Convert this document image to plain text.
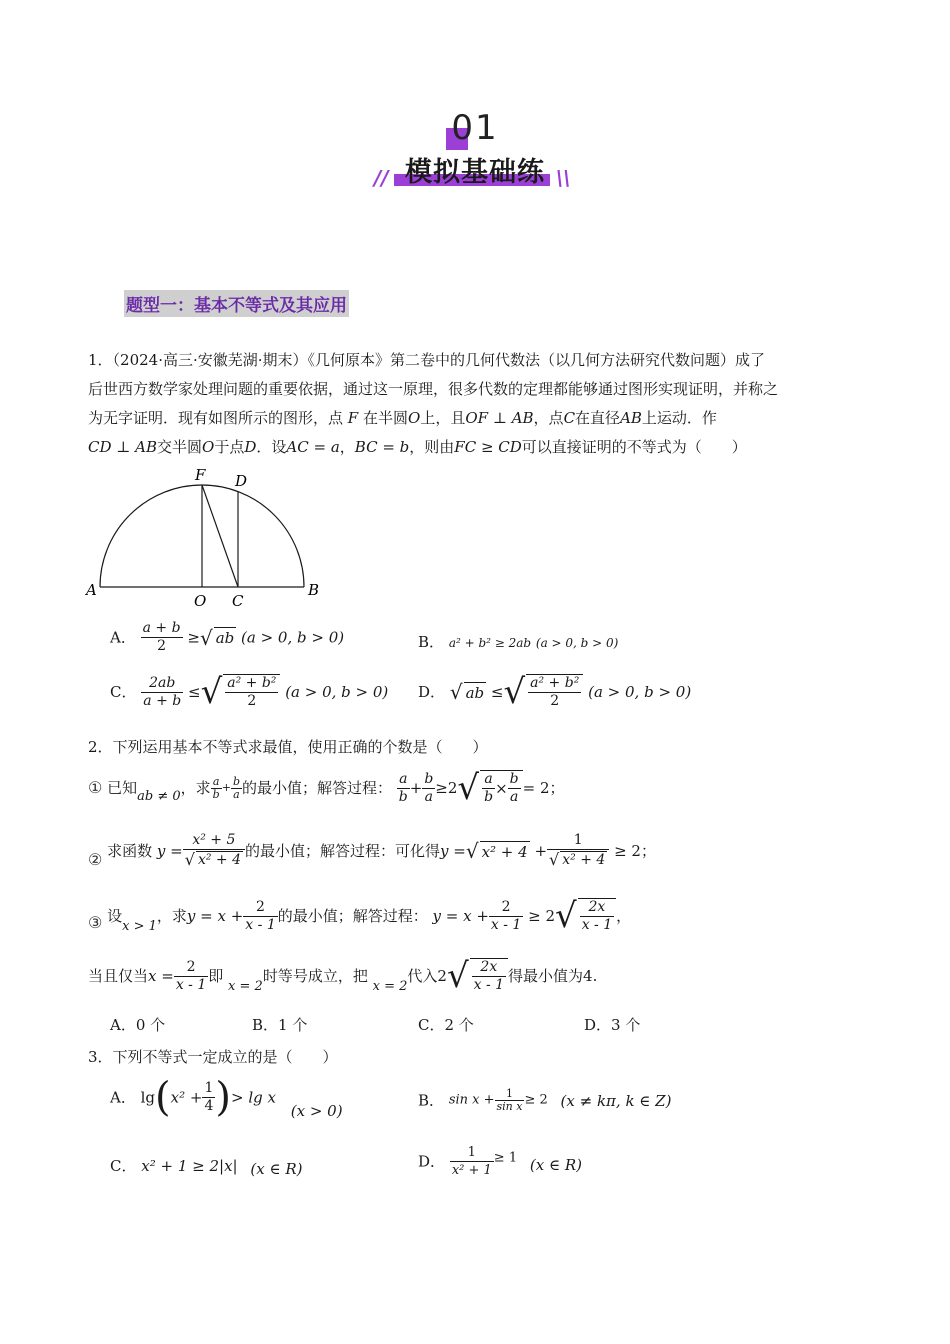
01
模拟基础练
//	\\
题型一：基本不等式及其应用
1．（2024·高三·安徽芜湖·期末）《几何原本》第二卷中的几何代数法（以几何方法研究代数问题）成了
后世西方数学家处理问题的重要依据，通过这一原理，很多代数的定理都能够通过图形实现证明，并称之
为无字证明．现有如图所示的图形，点 F 在半圆O上，且OF ⊥ AB，点C在直径AB上运动．作
CD ⊥ AB交半圆O于点D．设AC = a，BC = b，则由FC ≥ CD可以直接证明的不等式为（　　）
A	B
O C
F D
A． $\frac{a + b}{2}$ ≥√ ab (a > 0, b > 0)	B． a² + b² ≥ 2ab (a > 0, b > 0)
C． $\frac{2ab}{a + b}$ ≤√ $\frac{\text{a² + b²}}{2} (a > 0$, b > 0) D． √ ab ≤√ $\frac{\text{a² + b²}}{2} (a > 0$, b > 0)
2．下列运用基本不等式求最值，使用正确的个数是（　　）
① 已知ab ≠ 0，求 $\frac{a}{b} + \frac{b}{a}$ 的最小值；解答过程： $\frac{a}{b} + \frac{b}{a} \ge 2√ \frac{a}{b} \times \frac{b}{a} = 2$；
② 求函数 $y = \frac{\text{x² + 5}}{\text{√ x² + 4}}$ 的最小值；解答过程：可化得y =√ $x^2 + 4 + \frac{1}{\text{√ x² + 4}} \ge 2$；
③ 设x > 1，求$y = x + \frac{2}{x - 1}$ 的最小值；解答过程： $y = x + \frac{2}{x - 1} \ge 2√ \frac{2x}{x - 1}$ ，
当且仅当$x = \frac{2}{x - 1}$ 即 x = 2时等号成立，把 x = 2代入$2√ \frac{2x}{x - 1}$ 得最小值为4.
A．0 个	B．1 个	C．2 个	D．3 个
3．下列不等式一定成立的是（　　）
A． $\lg(x^2 + \frac{1}{4}$ )> lg x (x > 0)
B． $\sin x + \frac{1}{\text{sin x}} \ge 2$ (x ≠ kπ, k ∈ Z)
C． x² + 1 ≥ 2|x| (x ∈ R)	D． $\frac{1}{\text{x² + 1}} \ge 1$ (x ∈ R)
